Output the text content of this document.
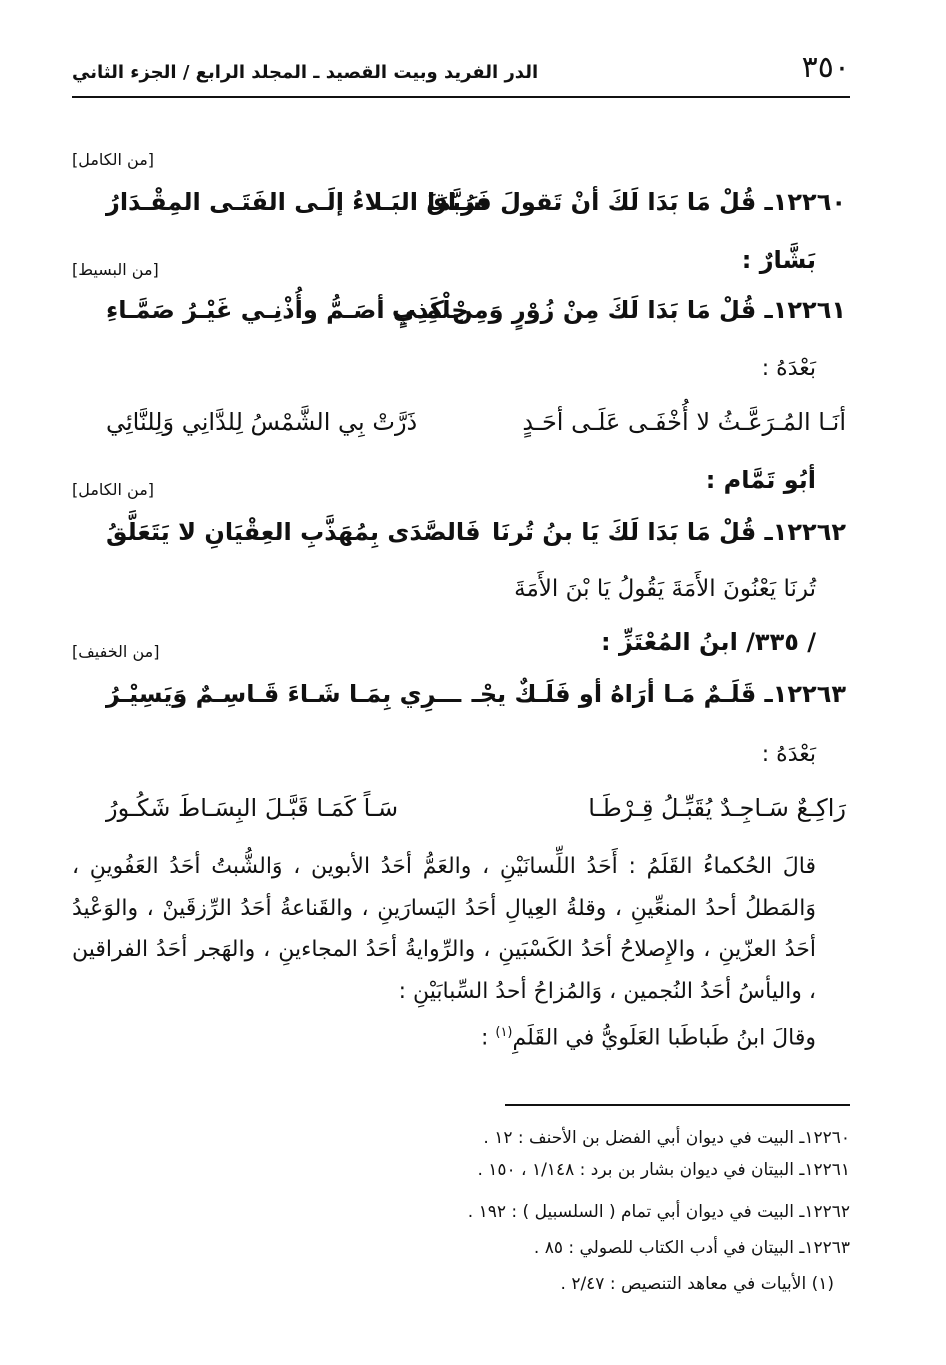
٣٥٠
الدر الفريد وبيت القصيد ـ المجلد الرابع / الجزء الثاني
[من الكامل]
١٢٢٦٠ـ قُلْ مَا بَدَا لَكَ أنْ تَقولَ فَرُبَّمَا
سَـاقَ البَـلاءُ إلَـى الفَتَـى المِقْـدَارُ
بَشَّارٌ :
[من البسيط]
١٢٢٦١ـ قُلْ مَا بَدَا لَكَ مِنْ زُوْرٍ وَمِنْ كَذِبٍ
حِلْمِـي أصَـمُّ وأُذْنِـي غَيْـرُ صَمَّـاءِ
بَعْدَهُ :
أنَـا المُـرَعَّـثُ لا أُخْفَـى عَلَـى أحَـدٍ
ذَرَّتْ بِي الشَّمْسُ لِلدَّانِي وَلِلنَّائِي
أبُو تَمَّام :
[من الكامل]
١٢٢٦٢ـ قُلْ مَا بَدَا لَكَ يَا بنُ تُرنَا
فَالصَّدَى بِمُهَذَّبِ العِقْيَانِ لا يَتَعَلَّقُ
تُرنَا يَعْنُونَ الأَمَةَ يَقُولُ يَا بْنَ الأَمَةَ
/ ٣٣٥/ ابنُ المُعْتَزِّ :
[من الخفيف]
١٢٢٦٣ـ قَلَـمٌ مَـا أرَاهُ أو فَلَـكٌ يجْـ
ـــرِي بِمَـا شَـاءَ قَـاسِـمٌ وَيَسِيْـرُ
بَعْدَهُ :
رَاكِـعٌ سَـاجِـدٌ يُقَبِّـلُ قِـرْطَـا
سَـاً كَمَـا قَبَّـلَ البِسَـاطَ شَكُـورُ

قالَ الحُكماءُ القَلَمُ : أَحَدُ اللِّسانَيْنِ ، والعَمُّ أحَدُ الأبوين ، وَالشُّبتُ أحَدُ العَفُوينِ ، وَالمَطلُ أحدُ المنعِّينِ ، وقلةُ العِيالِ أحَدُ اليَسارَينِ ، والقَناعةُ أحَدُ الرِّزقَينْ ، والوَعْيدُ أحَدُ العزّينِ ، والإِصلاحُ أحَدُ الكَسْبَينِ ، والرِّوايةُ أحَدُ المجاءينِ ، والهَجر أحَدُ الفراقين ، واليأسُ أحَدُ النُجمين ، وَالمُزاحُ أحدُ السِّبابَيْنِ :

وقالَ ابنُ طَباطَبا العَلَويُّ في القَلَمِ$^{(١)}$ :

١٢٢٦٠ـ البيت في ديوان أبي الفضل بن الأحنف : ١٢ .
١٢٢٦١ـ البيتان في ديوان بشار بن برد : ١/١٤٨ ، ١٥٠ .
١٢٢٦٢ـ البيت في ديوان أبي تمام ( السلسبيل ) : ١٩٢ .
١٢٢٦٣ـ البيتان في أدب الكتاب للصولي : ٨٥ .
(١) الأبيات في معاهد التنصيص : ٢/٤٧ .
